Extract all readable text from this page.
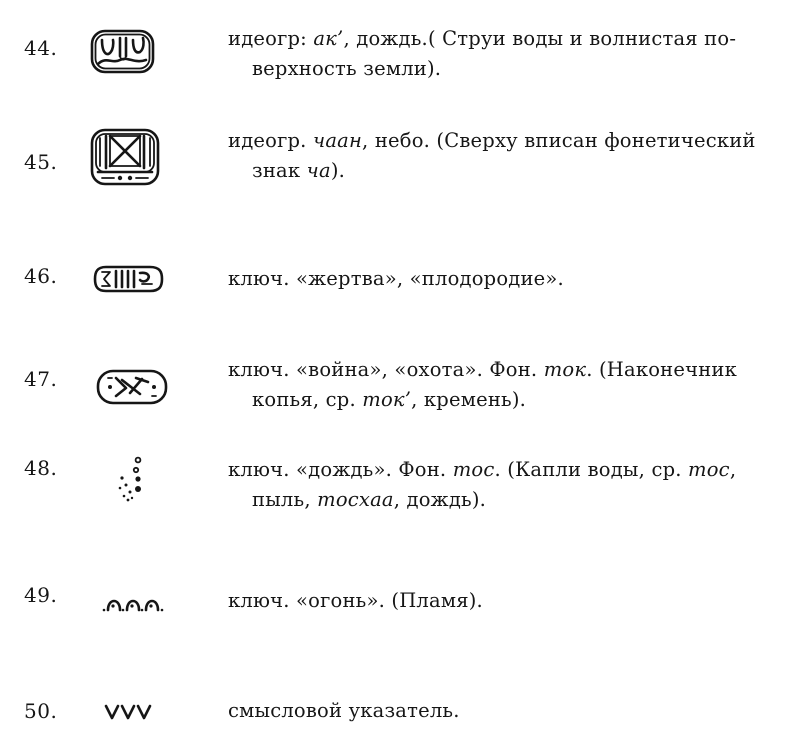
44.	идеогр: ак’, дождь.( Струи воды и волнистая по-
верхность земли).
45.
идеогр. чаан, небо. (Сверху вписан фонетический
знак ча).
46.	ключ. «жертва», «плодородие».
47.	ключ. «война», «охота». Фон. ток. (Наконечник
копья, ср. ток’, кремень).
48.	ключ. «дождь». Фон. тос. (Капли воды, ср. тос,
пыль, тосхаа, дождь).
49.	ключ. «огонь». (Пламя).
50.	смысловой указатель.
